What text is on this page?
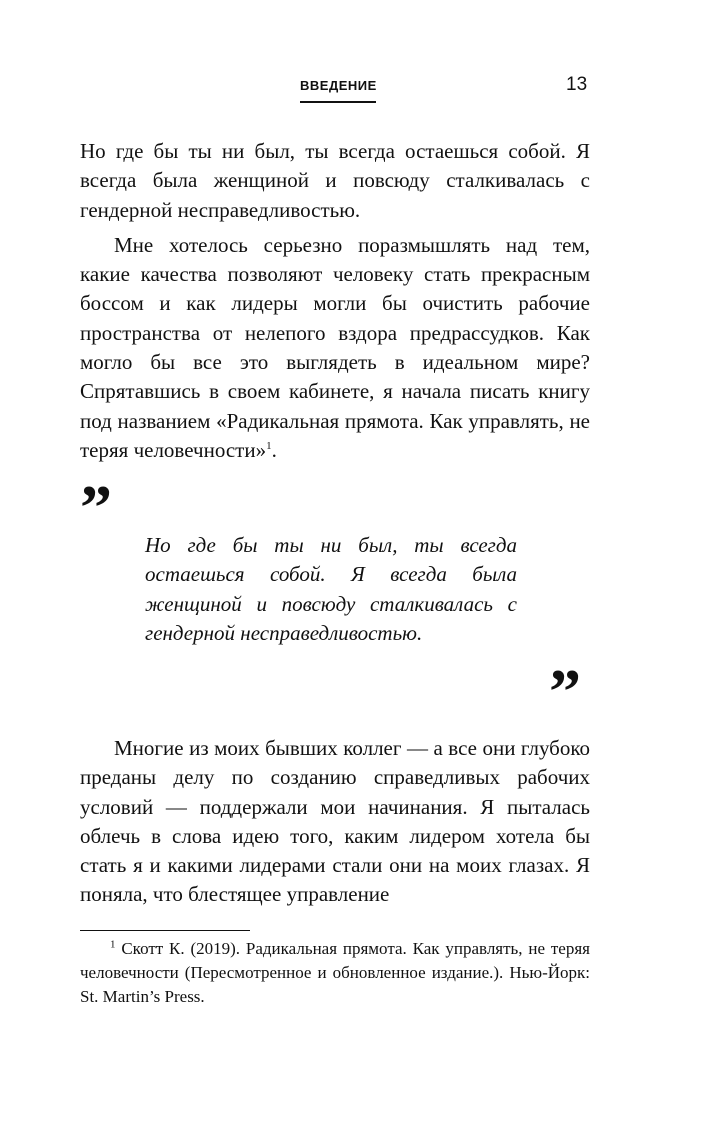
ВВЕДЕНИЕ	13

Но где бы ты ни был, ты всегда остаешься собой. Я всегда была женщиной и повсюду сталкивалась с гендерной несправедливостью.

Мне хотелось серьезно поразмышлять над тем, какие качества позволяют человеку стать прекрасным боссом и как лидеры могли бы очистить рабочие пространства от нелепого вздора предрассудков. Как могло бы все это выглядеть в идеальном мире? Спрятавшись в своем кабинете, я начала писать книгу под названием «Радикальная прямота. Как управлять, не теряя человечности»$^1$.

”

Но где бы ты ни был, ты всегда остаешься собой. Я всегда была женщиной и повсюду сталкивалась с гендерной несправедливостью.

”

Многие из моих бывших коллег — а все они глубоко преданы делу по созданию справедливых рабочих условий — поддержали мои начинания. Я пыталась облечь в слова идею того, каким лидером хотела бы стать я и какими лидерами стали они на моих глазах. Я поняла, что блестящее управление

$^1$ Скотт К. (2019). Радикальная прямота. Как управлять, не теряя человечности (Пересмотренное и обновленное издание.). Нью-Йорк: St. Martin’s Press.
